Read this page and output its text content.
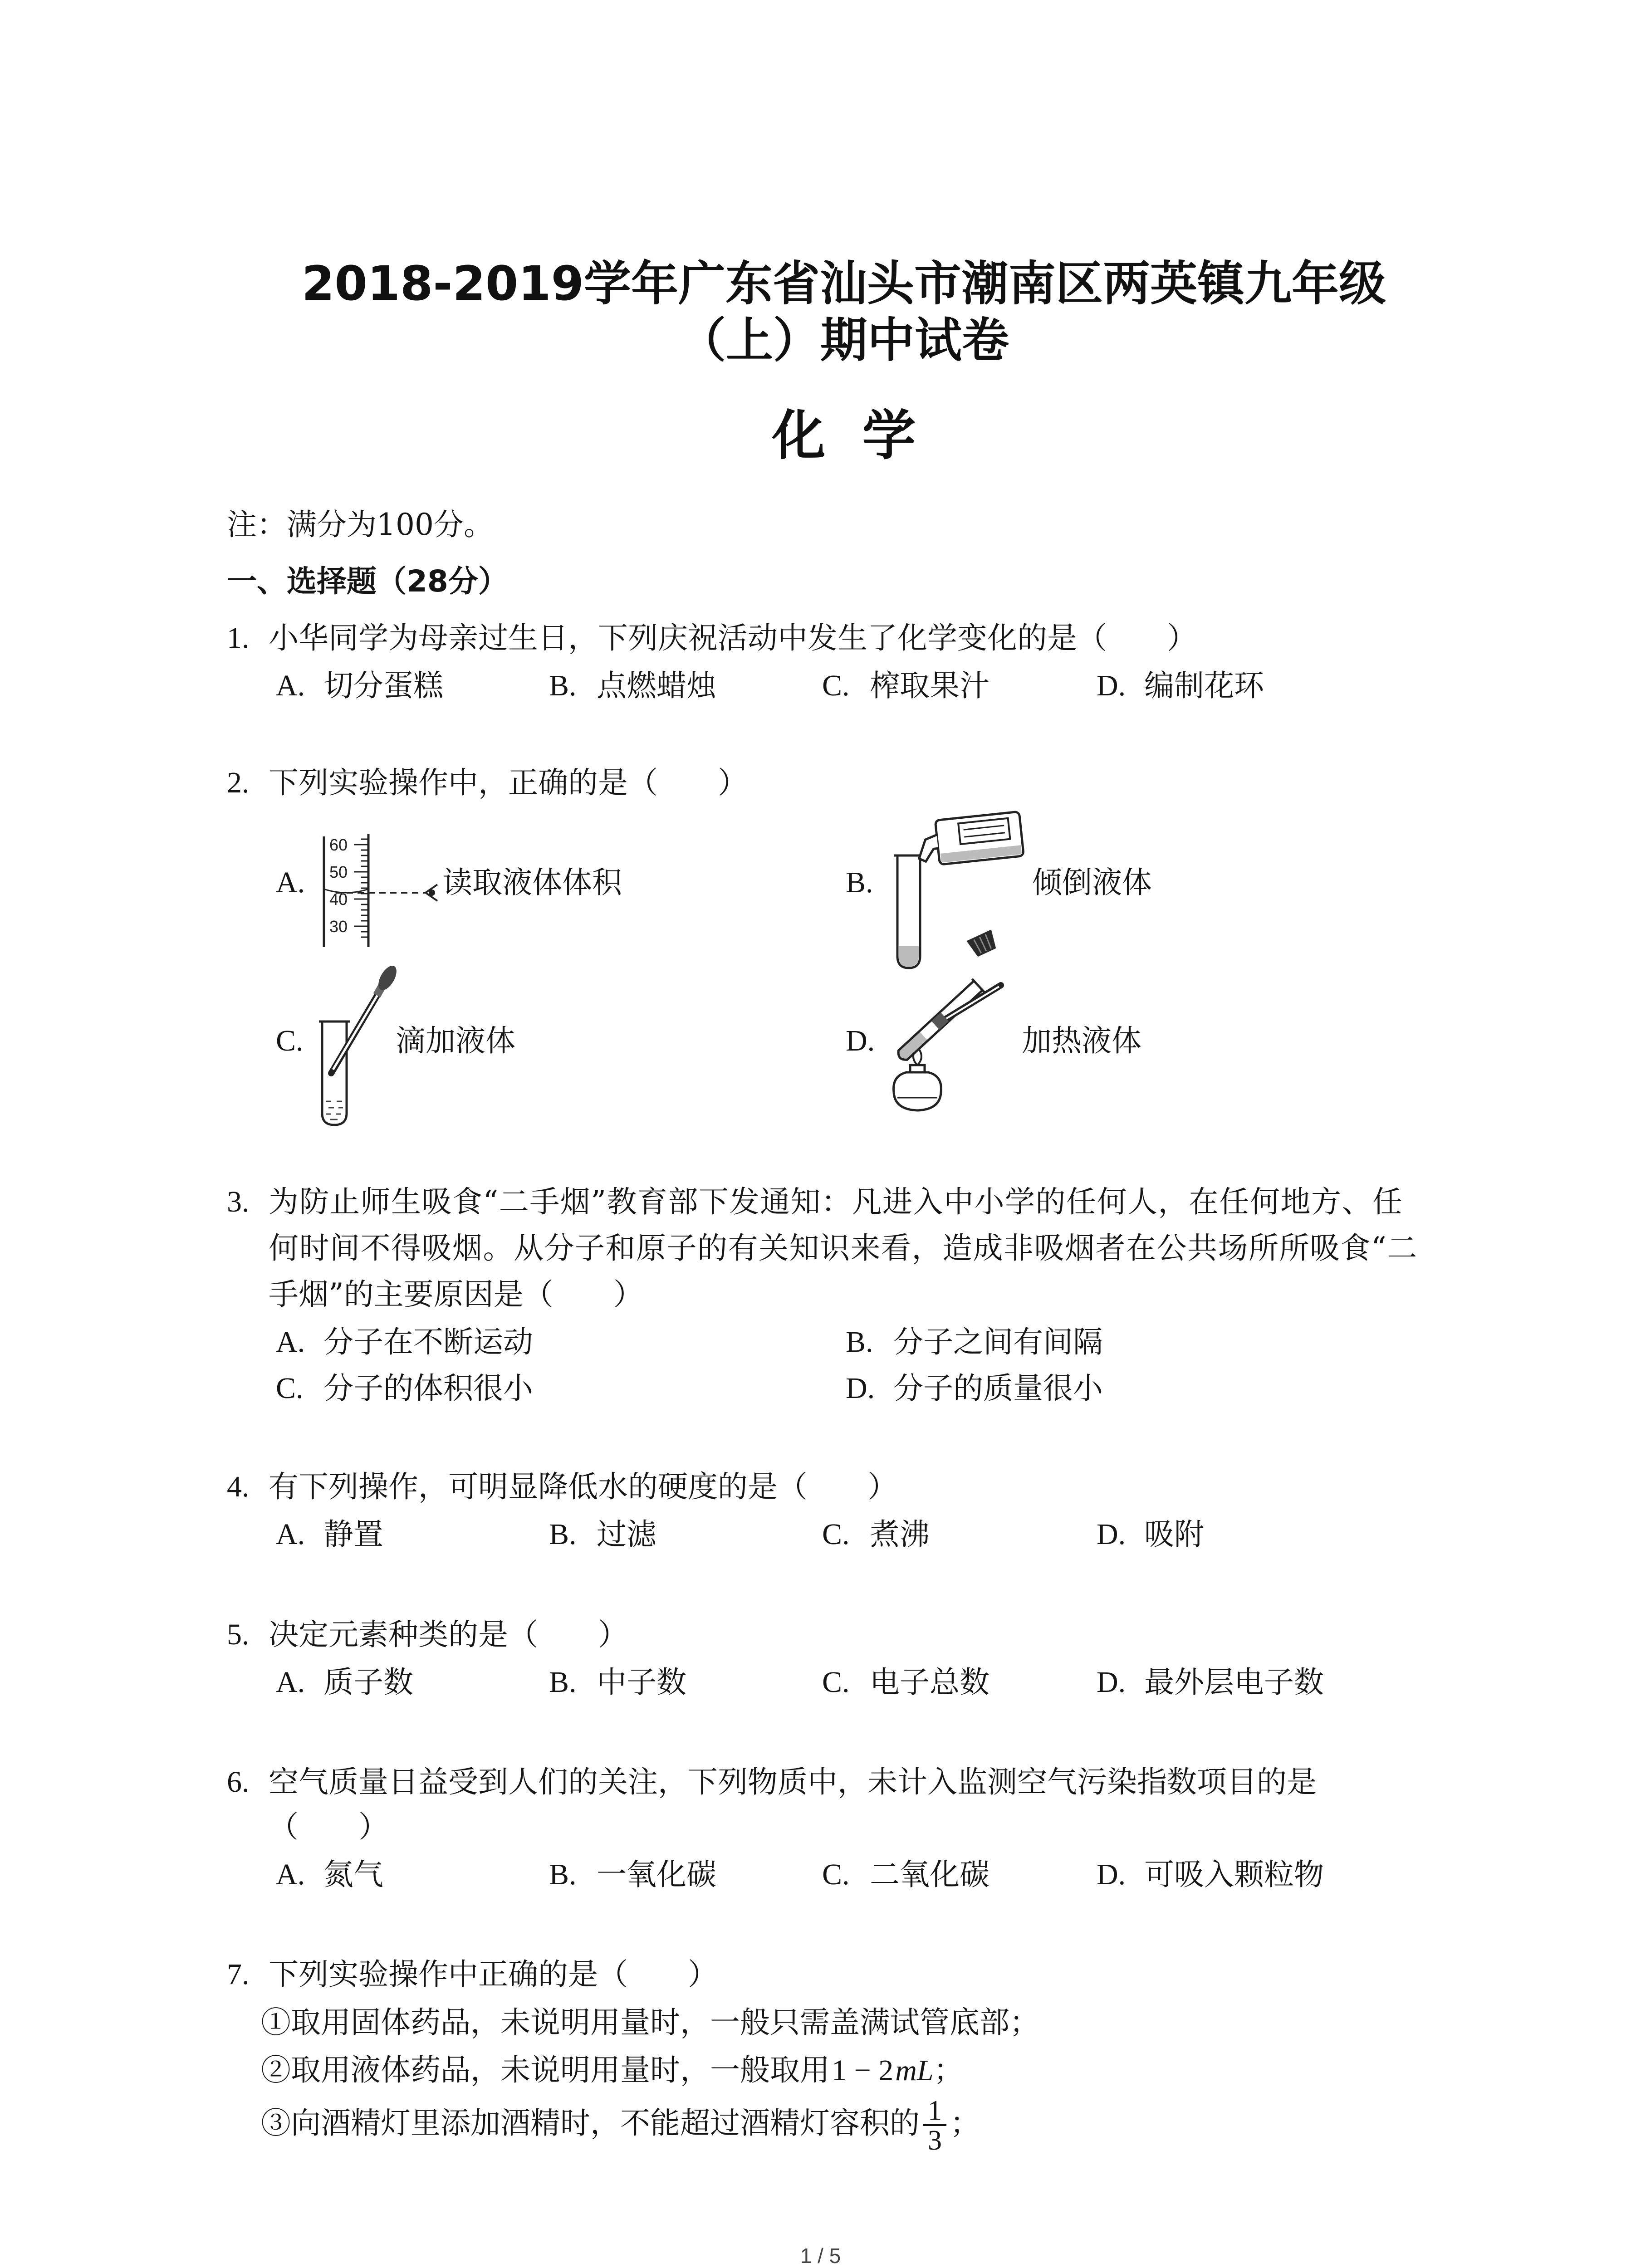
2018-2019学年广东省汕头市潮南区两英镇九年级
（上）期中试卷
化 学
注：满分为100分。
一、选择题（28分）
1. 小华同学为母亲过生日，下列庆祝活动中发生了化学变化的是（　　）
A. 切分蛋糕	B. 点燃蜡烛	C. 榨取果汁	D. 编制花环
2. 下列实验操作中，正确的是（　　）
A.
60
50
40
30
读取液体体积	B.	倾倒液体
C.	滴加液体	D.	加热液体
3. 为防止师生吸食“二手烟”教育部下发通知：凡进入中小学的任何人，在任何地方、任
何时间不得吸烟。从分子和原子的有关知识来看，造成非吸烟者在公共场所所吸食“二
手烟”的主要原因是（　　）
A. 分子在不断运动	B. 分子之间有间隔
C. 分子的体积很小	D. 分子的质量很小
4. 有下列操作，可明显降低水的硬度的是（　　）
A. 静置	B. 过滤	C. 煮沸	D. 吸附
5. 决定元素种类的是（　　）
A. 质子数	B. 中子数	C. 电子总数	D. 最外层电子数
6. 空气质量日益受到人们的关注，下列物质中，未计入监测空气污染指数项目的是
（　　）
A. 氮气	B. 一氧化碳	C. 二氧化碳	D. 可吸入颗粒物
7. 下列实验操作中正确的是（　　）
①取用固体药品，未说明用量时，一般只需盖满试管底部；
②取用液体药品，未说明用量时，一般取用1 − 2mL；
③向酒精灯里添加酒精时，不能超过酒精灯容积的 $\frac{1}{3}$ ；
1 / 5
